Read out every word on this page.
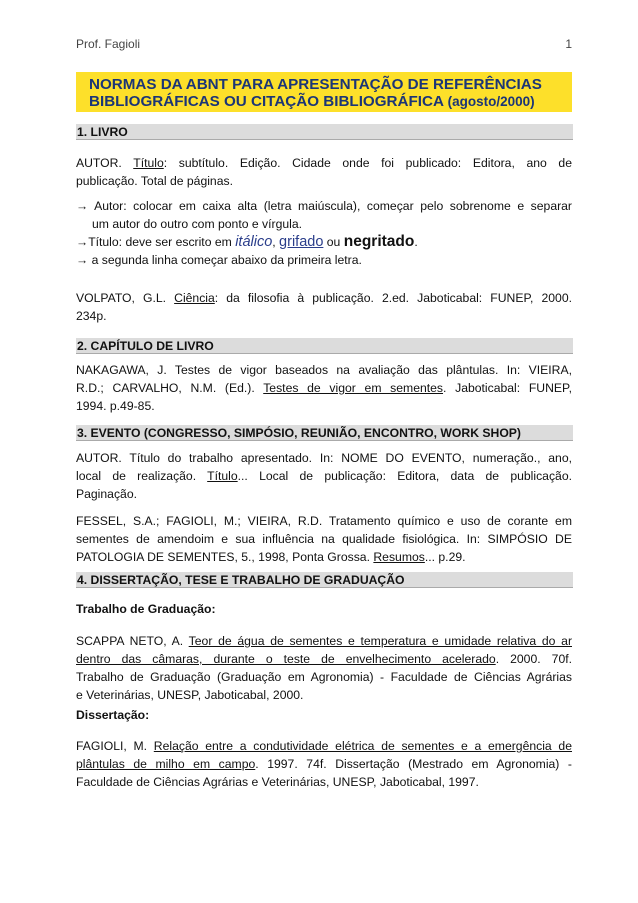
Prof. Fagioli	1
NORMAS DA ABNT PARA APRESENTAÇÃO DE REFERÊNCIAS
BIBLIOGRÁFICAS OU CITAÇÃO BIBLIOGRÁFICA (agosto/2000)
1. LIVRO
AUTOR. Título: subtítulo. Edição. Cidade onde foi publicado: Editora, ano de
publicação. Total de páginas.
→ Autor: colocar em caixa alta (letra maiúscula), começar pelo sobrenome e separar
um autor do outro com ponto e vírgula.
→Título: deve ser escrito em itálico, grifado ou negritado.
→ a segunda linha começar abaixo da primeira letra.
VOLPATO, G.L. Ciência: da filosofia à publicação. 2.ed. Jaboticabal: FUNEP, 2000.
234p.
2. CAPÍTULO DE LIVRO
NAKAGAWA, J. Testes de vigor baseados na avaliação das plântulas. In: VIEIRA,
R.D.; CARVALHO, N.M. (Ed.). Testes de vigor em sementes. Jaboticabal: FUNEP,
1994. p.49-85.
3. EVENTO (CONGRESSO, SIMPÓSIO, REUNIÃO, ENCONTRO, WORK SHOP)
AUTOR. Título do trabalho apresentado. In: NOME DO EVENTO, numeração., ano,
local de realização. Título... Local de publicação: Editora, data de publicação.
Paginação.
FESSEL, S.A.; FAGIOLI, M.; VIEIRA, R.D. Tratamento químico e uso de corante em
sementes de amendoim e sua influência na qualidade fisiológica. In: SIMPÓSIO DE
PATOLOGIA DE SEMENTES, 5., 1998, Ponta Grossa. Resumos... p.29.
4. DISSERTAÇÃO, TESE E TRABALHO DE GRADUAÇÃO
Trabalho de Graduação:
SCAPPA NETO, A. Teor de água de sementes e temperatura e umidade relativa do ar
dentro das câmaras, durante o teste de envelhecimento acelerado. 2000. 70f.
Trabalho de Graduação (Graduação em Agronomia) - Faculdade de Ciências Agrárias
e Veterinárias, UNESP, Jaboticabal, 2000.
Dissertação:
FAGIOLI, M. Relação entre a condutividade elétrica de sementes e a emergência de
plântulas de milho em campo. 1997. 74f. Dissertação (Mestrado em Agronomia) -
Faculdade de Ciências Agrárias e Veterinárias, UNESP, Jaboticabal, 1997.
